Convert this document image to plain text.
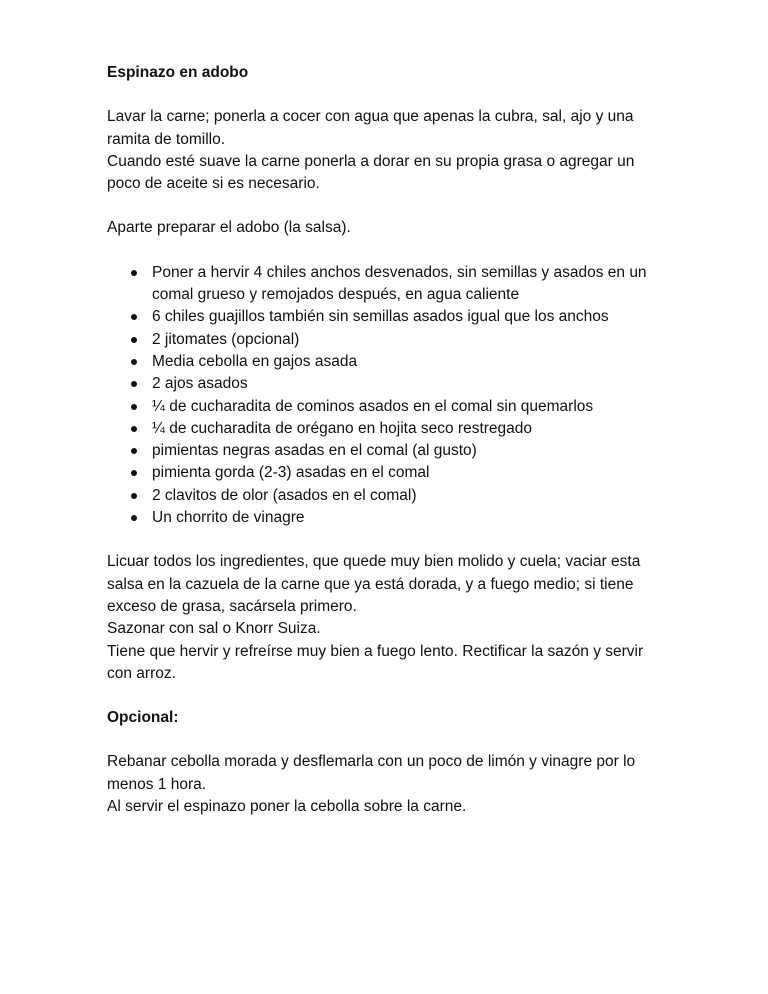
Espinazo en adobo

Lavar la carne; ponerla a cocer con agua que apenas la cubra, sal, ajo y una ramita de tomillo.

Cuando esté suave la carne ponerla a dorar en su propia grasa o agregar un poco de aceite si es necesario.

Aparte preparar el adobo (la salsa).

Poner a hervir 4 chiles anchos desvenados, sin semillas y asados en un comal grueso y remojados después, en agua caliente
6 chiles guajillos también sin semillas asados igual que los anchos
2 jitomates (opcional)
Media cebolla en gajos asada
2 ajos asados
¼ de cucharadita de cominos asados en el comal sin quemarlos
¼ de cucharadita de orégano en hojita seco restregado
pimientas negras asadas en el comal (al gusto)
pimienta gorda (2-3) asadas en el comal
2 clavitos de olor (asados en el comal)
Un chorrito de vinagre

Licuar todos los ingredientes, que quede muy bien molido y cuela; vaciar esta salsa en la cazuela de la carne que ya está dorada, y a fuego medio; si tiene exceso de grasa, sacársela primero.

Sazonar con sal o Knorr Suiza.

Tiene que hervir y refreírse muy bien a fuego lento. Rectificar la sazón y servir con arroz.

Opcional:

Rebanar cebolla morada y desflemarla con un poco de limón y vinagre por lo menos 1 hora.

Al servir el espinazo poner la cebolla sobre la carne.
